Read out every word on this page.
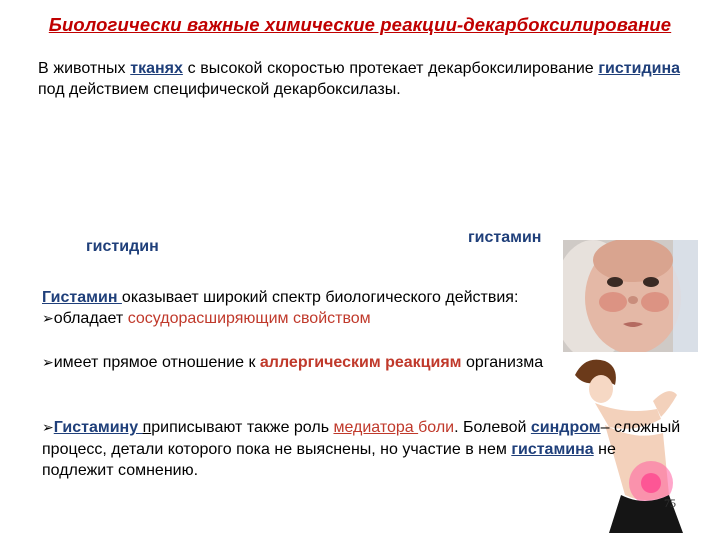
Биологически важные химические реакции-декарбоксилирование
В животных тканях с высокой скоростью протекает декарбоксилирование гистидина под действием специфической декарбоксилазы.
гистидин
гистамин
Гистамин оказывает широкий спектр биологического действия:
➢обладает сосудорасширяющим свойством
➢имеет прямое отношение к аллергическим реакциям организма
➢Гистамину приписывают также роль медиатора боли. Болевой синдром– сложный процесс, детали которого пока не выяснены, но участие в нем гистамина не подлежит сомнению.
75
